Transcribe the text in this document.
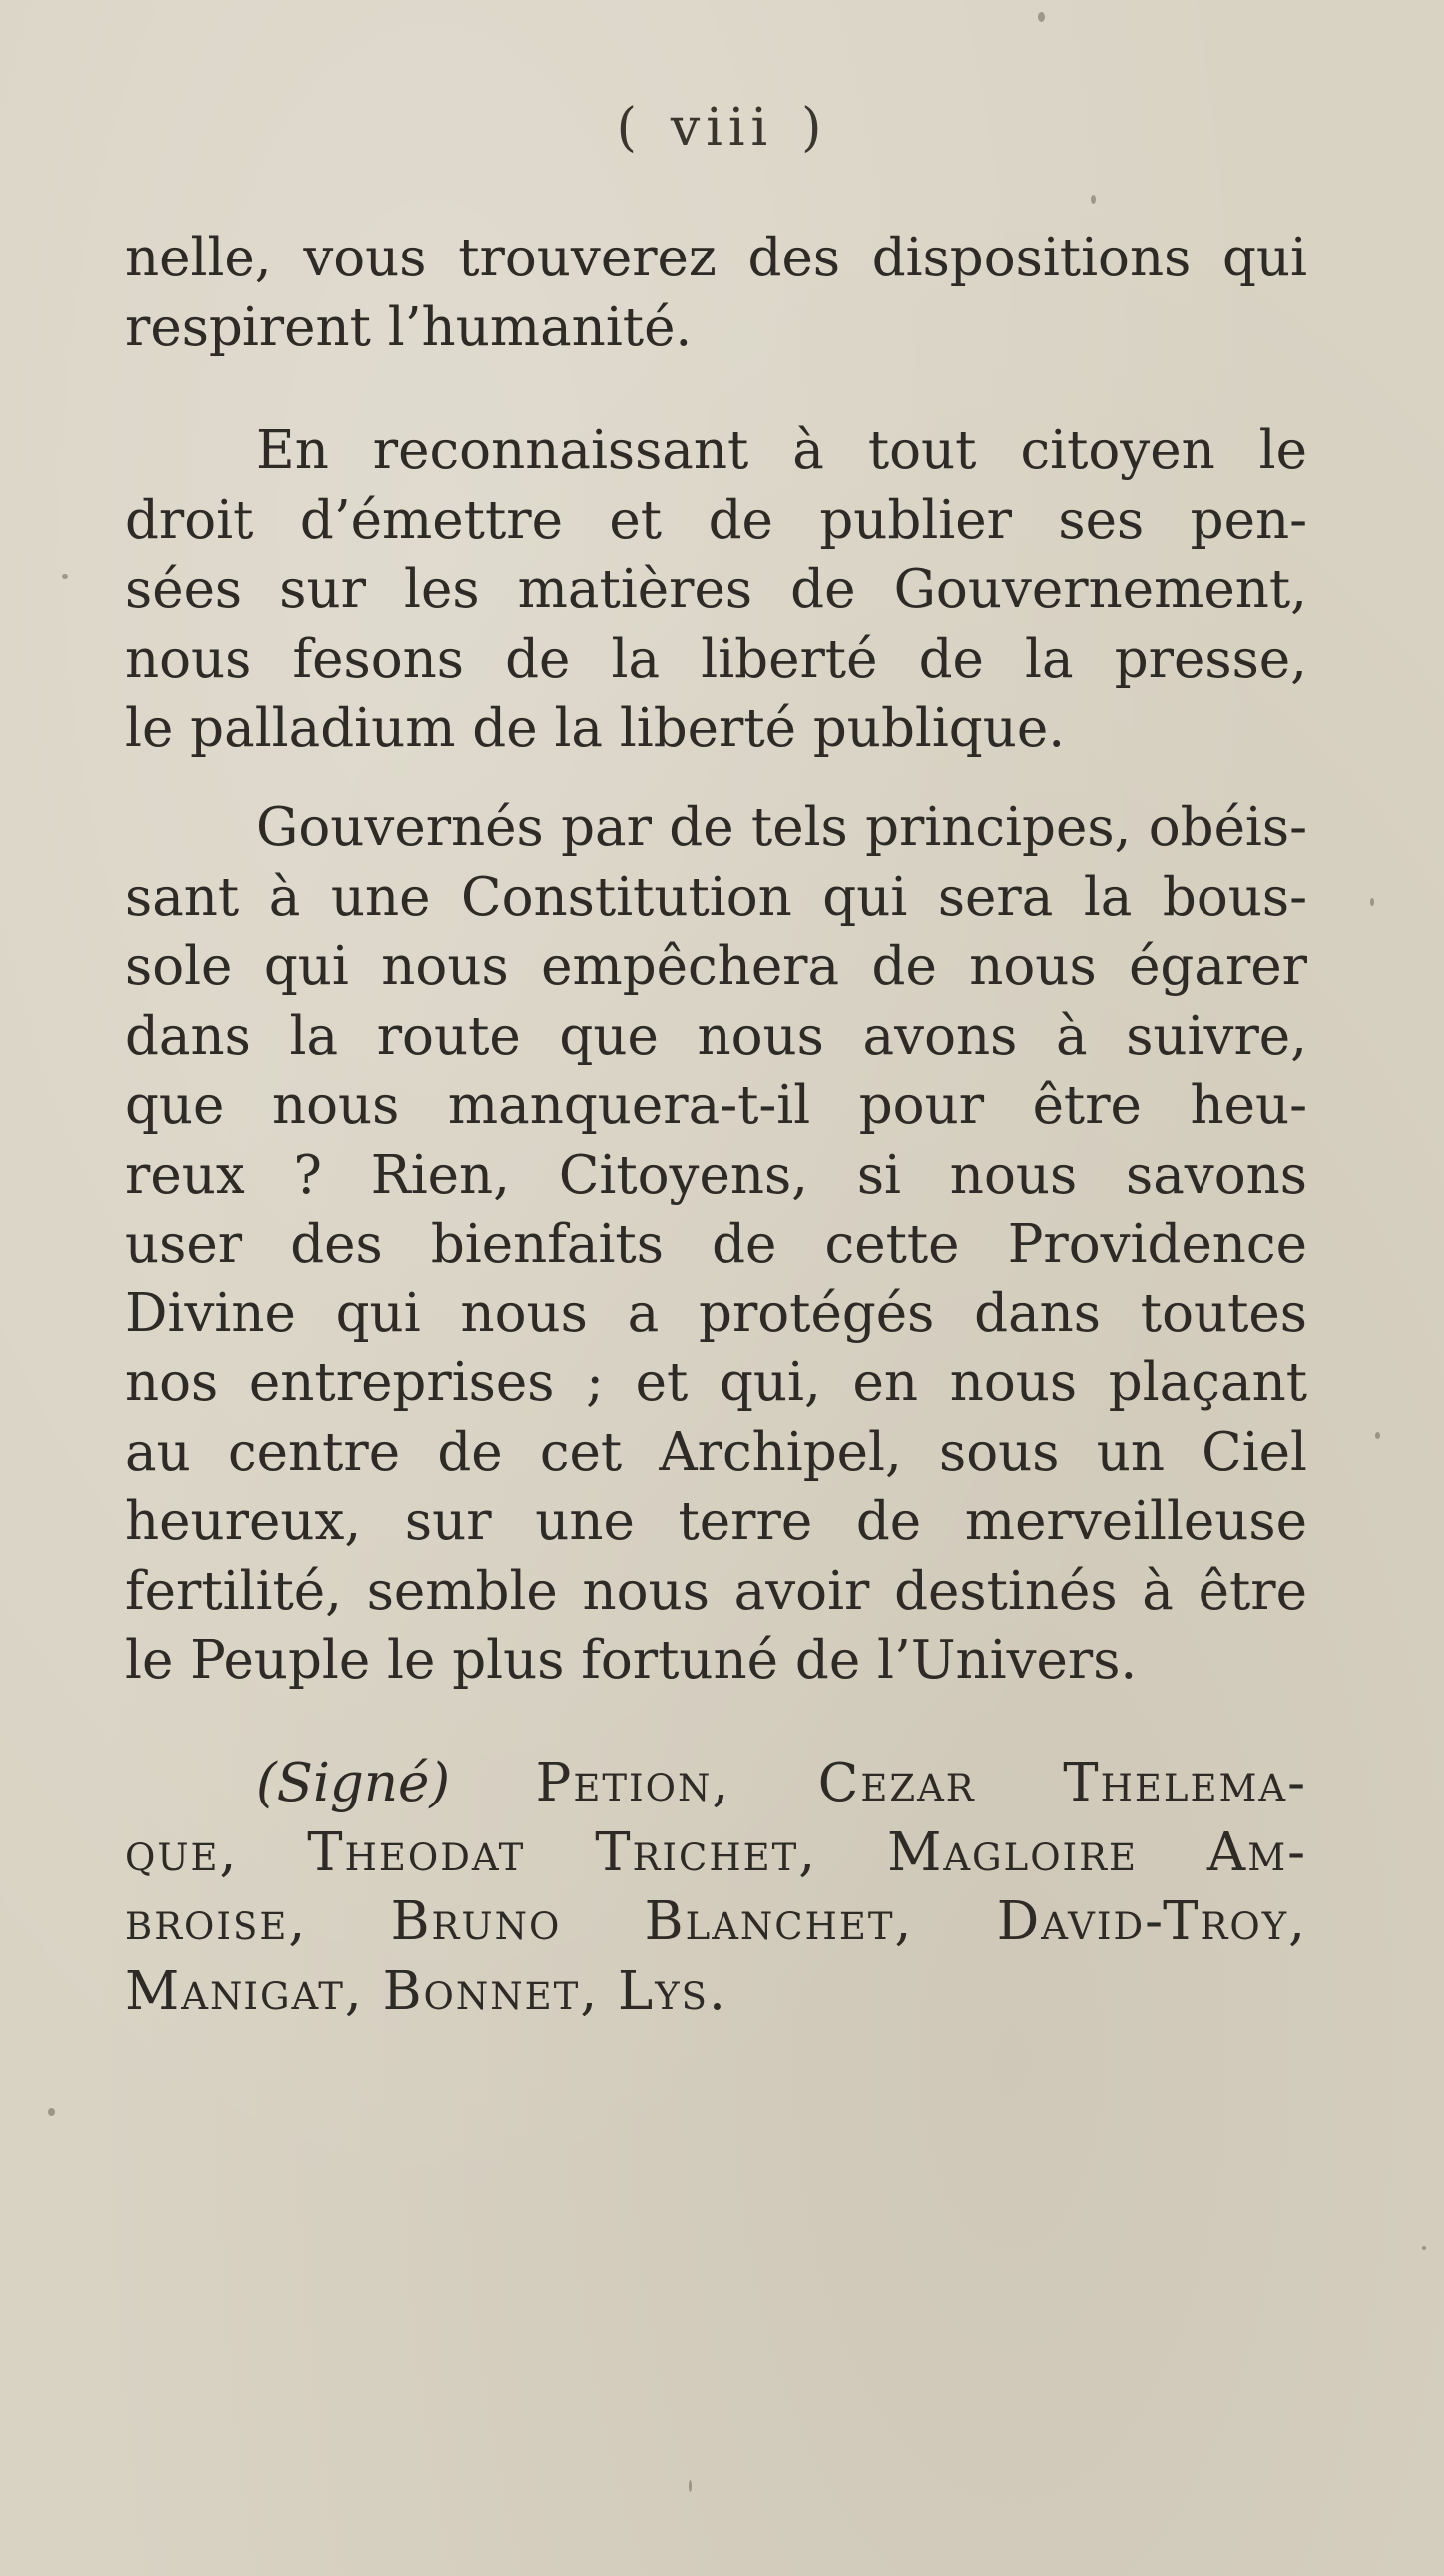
( viii )
nelle, vous trouverez des dispositions qui
respirent l’humanité.
En reconnaissant à tout citoyen le
droit d’émettre et de publier ses pen-
sées sur les matières de Gouvernement,
nous fesons de la liberté de la presse,
le palladium de la liberté publique.
Gouvernés par de tels principes, obéis-
sant à une Constitution qui sera la bous-
sole qui nous empêchera de nous égarer
dans la route que nous avons à suivre,
que nous manquera-t-il pour être heu-
reux ? Rien, Citoyens, si nous savons
user des bienfaits de cette Providence
Divine qui nous a protégés dans toutes
nos entreprises ; et qui, en nous plaçant
au centre de cet Archipel, sous un Ciel
heureux, sur une terre de merveilleuse
fertilité, semble nous avoir destinés à être
le Peuple le plus fortuné de l’Univers.
(Signé) Petion, Cezar Thelema-
que, Theodat Trichet, Magloire Am-
broise, Bruno Blanchet, David-Troy,
Manigat, Bonnet, Lys.
